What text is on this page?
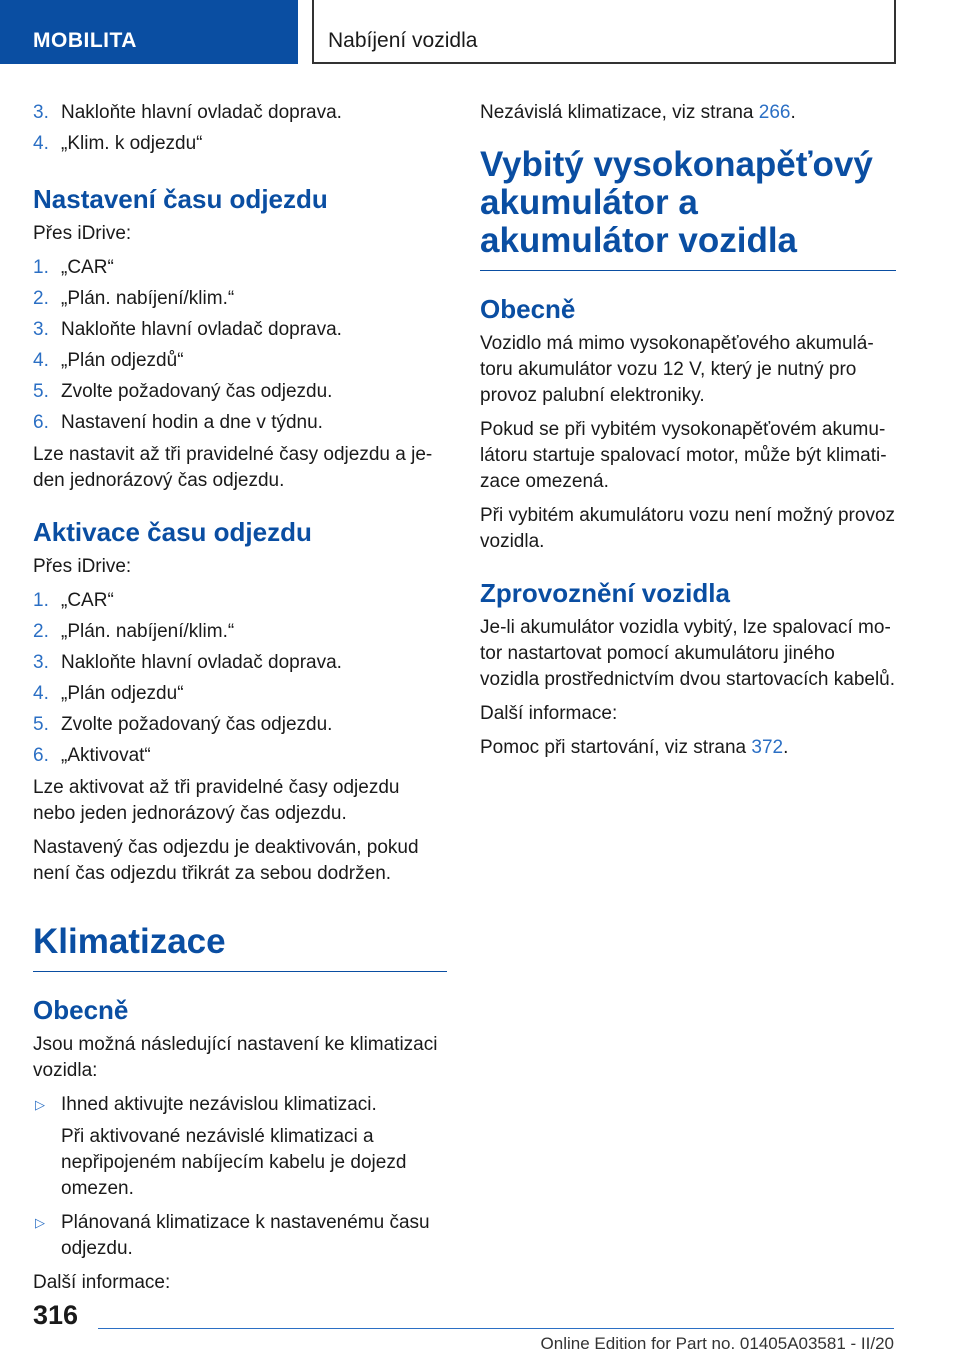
MOBILITA	Nabíjení vozidla
3. Nakloňte hlavní ovladač doprava.
4. „Klim. k odjezdu“
Nastavení času odjezdu

Přes iDrive:

1. „CAR“
2. „Plán. nabíjení/klim.“
3. Nakloňte hlavní ovladač doprava.
4. „Plán odjezdů“
5. Zvolte požadovaný čas odjezdu.
6. Nastavení hodin a dne v týdnu.

Lze nastavit až tři pravidelné časy odjezdu a jeden jednorázový čas odjezdu.

Aktivace času odjezdu

Přes iDrive:

1. „CAR“
2. „Plán. nabíjení/klim.“
3. Nakloňte hlavní ovladač doprava.
4. „Plán odjezdu“
5. Zvolte požadovaný čas odjezdu.
6. „Aktivovat“

Lze aktivovat až tři pravidelné časy odjezdu nebo jeden jednorázový čas odjezdu.

Nastavený čas odjezdu je deaktivován, pokud není čas odjezdu třikrát za sebou dodržen.

Klimatizace
Obecně

Jsou možná následující nastavení ke klimatizaci vozidla:

▷ Ihned aktivujte nezávislou klimatizaci.
Při aktivované nezávislé klimatizaci a nepřipojeném nabíjecím kabelu je dojezd omezen.
▷ Plánovaná klimatizace k nastavenému času odjezdu.

Další informace:

Nezávislá klimatizace, viz strana 266.

Vybitý vysokonapěťový akumulátor a akumulátor vozidla
Obecně

Vozidlo má mimo vysokonapěťového akumulátoru akumulátor vozu 12 V, který je nutný pro provoz palubní elektroniky.

Pokud se při vybitém vysokonapěťovém akumulátoru startuje spalovací motor, může být klimatizace omezená.

Při vybitém akumulátoru vozu není možný provoz vozidla.

Zprovoznění vozidla

Je-li akumulátor vozidla vybitý, lze spalovací motor nastartovat pomocí akumulátoru jiného vozidla prostřednictvím dvou startovacích kabelů.

Další informace:

Pomoc při startování, viz strana 372.

316
Online Edition for Part no. 01405A03581 - II/20
